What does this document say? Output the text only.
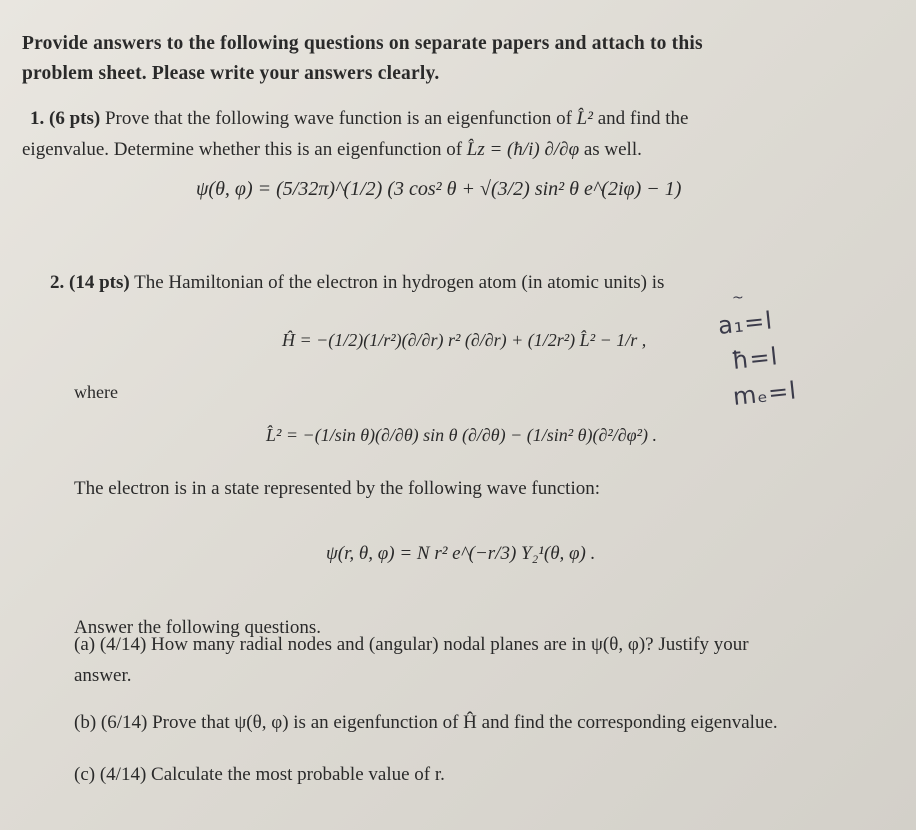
Provide answers to the following questions on separate papers and attach to this
problem sheet. Please write your answers clearly.
1. (6 pts) Prove that the following wave function is an eigenfunction of L̂² and find the
eigenvalue. Determine whether this is an eigenfunction of L̂z = (ħ/i) ∂/∂φ as well.
ψ(θ, φ) = (5/32π)^(1/2) (3 cos² θ + √(3/2) sin² θ e^(2iφ) − 1)
2. (14 pts) The Hamiltonian of the electron in hydrogen atom (in atomic units) is
Ĥ = −(1/2)(1/r²)(∂/∂r) r² (∂/∂r) + (1/2r²) L̂² − 1/r ,
where
L̂² = −(1/sin θ)(∂/∂θ) sin θ (∂/∂θ) − (1/sin² θ)(∂²/∂φ²) .
The electron is in a state represented by the following wave function:
ψ(r, θ, φ) = N r² e^(−r/3) Y₂¹(θ, φ) .
Answer the following questions.
(a) (4/14) How many radial nodes and (angular) nodal planes are in ψ(θ, φ)? Justify your
answer.
(b) (6/14) Prove that ψ(θ, φ) is an eigenfunction of Ĥ and find the corresponding eigenvalue.
(c) (4/14) Calculate the most probable value of r.
~
a₁=l
ħ=l
mₑ=l
